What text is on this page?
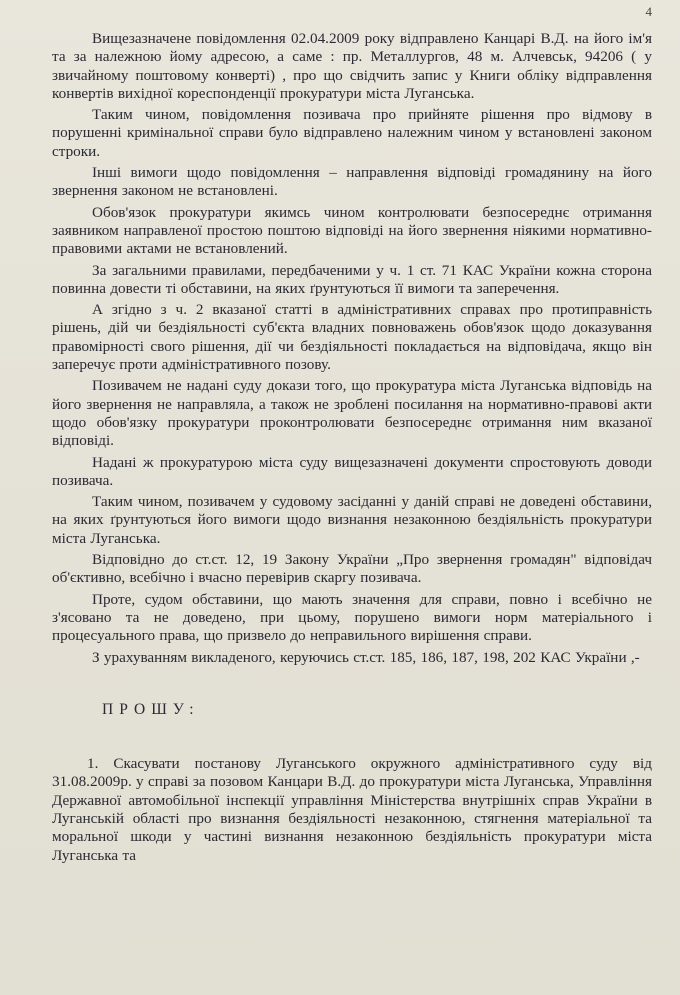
4

Вищезазначене повідомлення 02.04.2009 року відправлено Канцарі В.Д. на його ім'я та за належною йому адресою, а саме : пр. Металлургов, 48 м. Алчевськ, 94206 ( у звичайному поштовому конверті) , про що свідчить запис у Книги обліку відправлення конвертів вихідної кореспонденції прокуратури міста Луганська.

Таким чином, повідомлення позивача про прийняте рішення про відмову в порушенні кримінальної справи було відправлено належним чином у встановлені законом строки.

Інші вимоги щодо повідомлення – направлення відповіді громадянину на його звернення законом не встановлені.

Обов'язок прокуратури якимсь чином контролювати безпосереднє отримання заявником направленої простою поштою відповіді на його звернення ніякими нормативно-правовими актами не встановлений.

За загальними правилами, передбаченими у ч. 1 ст. 71 КАС України кожна сторона повинна довести ті обставини, на яких ґрунтуються її вимоги та заперечення.

А згідно з ч. 2 вказаної статті в адміністративних справах про протиправність рішень, дій чи бездіяльності суб'єкта владних повноважень обов'язок щодо доказування правомірності свого рішення, дії чи бездіяльності покладається на відповідача, якщо він заперечує проти адміністративного позову.

Позивачем не надані суду докази того, що прокуратура міста Луганська відповідь на його звернення не направляла, а також не зроблені посилання на нормативно-правові акти щодо обов'язку прокуратури проконтролювати безпосереднє отримання ним вказаної відповіді.

Надані ж прокуратурою міста суду вищезазначені документи спростовують доводи позивача.

Таким чином, позивачем у судовому засіданні у даній справі не доведені обставини, на яких ґрунтуються його вимоги щодо визнання незаконною бездіяльність прокуратури міста Луганська.

Відповідно до ст.ст. 12, 19 Закону України „Про звернення громадян" відповідач об'єктивно, всебічно і вчасно перевірив скаргу позивача.

Проте, судом обставини, що мають значення для справи, повно і всебічно не з'ясовано та не доведено, при цьому, порушено вимоги норм матеріального і процесуального права, що призвело до неправильного вирішення справи.

З урахуванням викладеного, керуючись ст.ст. 185, 186, 187, 198, 202 КАС України ,-

ПРОШУ:

1. Скасувати постанову Луганського окружного адміністративного суду від 31.08.2009р. у справі за позовом Канцари В.Д. до прокуратури міста Луганська, Управління Державної автомобільної інспекції управління Міністерства внутрішніх справ України в Луганській області про визнання бездіяльності незаконною, стягнення матеріальної та моральної шкоди у частині визнання незаконною бездіяльність прокуратури міста Луганська та
